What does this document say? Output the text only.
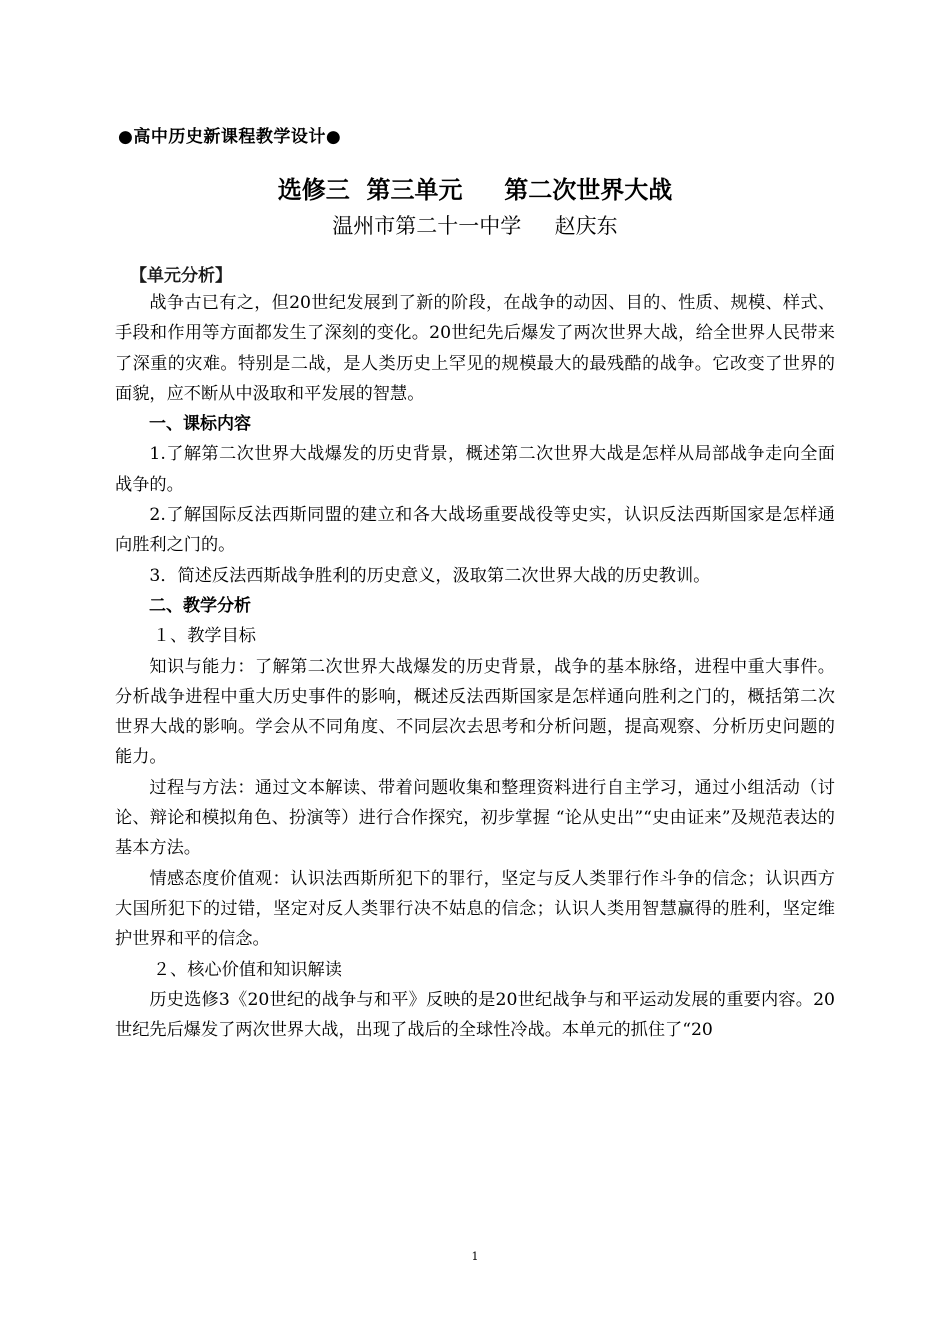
●高中历史新课程教学设计●
选修三  第三单元     第二次世界大战
温州市第二十一中学     赵庆东
【单元分析】

战争古已有之，但20世纪发展到了新的阶段，在战争的动因、目的、性质、规模、样式、手段和作用等方面都发生了深刻的变化。20世纪先后爆发了两次世界大战，给全世界人民带来了深重的灾难。特别是二战，是人类历史上罕见的规模最大的最残酷的战争。它改变了世界的面貌，应不断从中汲取和平发展的智慧。

一、课标内容

1.了解第二次世界大战爆发的历史背景，概述第二次世界大战是怎样从局部战争走向全面战争的。

2.了解国际反法西斯同盟的建立和各大战场重要战役等史实，认识反法西斯国家是怎样通向胜利之门的。

3．简述反法西斯战争胜利的历史意义，汲取第二次世界大战的历史教训。

二、教学分析

１、教学目标

知识与能力：了解第二次世界大战爆发的历史背景，战争的基本脉络，进程中重大事件。分析战争进程中重大历史事件的影响，概述反法西斯国家是怎样通向胜利之门的，概括第二次世界大战的影响。学会从不同角度、不同层次去思考和分析问题，提高观察、分析历史问题的能力。

过程与方法：通过文本解读、带着问题收集和整理资料进行自主学习，通过小组活动（讨论、辩论和模拟角色、扮演等）进行合作探究，初步掌握 “论从史出”“史由证来”及规范表达的基本方法。

情感态度价值观：认识法西斯所犯下的罪行，坚定与反人类罪行作斗争的信念；认识西方大国所犯下的过错，坚定对反人类罪行决不姑息的信念；认识人类用智慧赢得的胜利，坚定维护世界和平的信念。

２、核心价值和知识解读

历史选修3《20世纪的战争与和平》反映的是20世纪战争与和平运动发展的重要内容。20世纪先后爆发了两次世界大战，出现了战后的全球性冷战。本单元的抓住了“20

1
